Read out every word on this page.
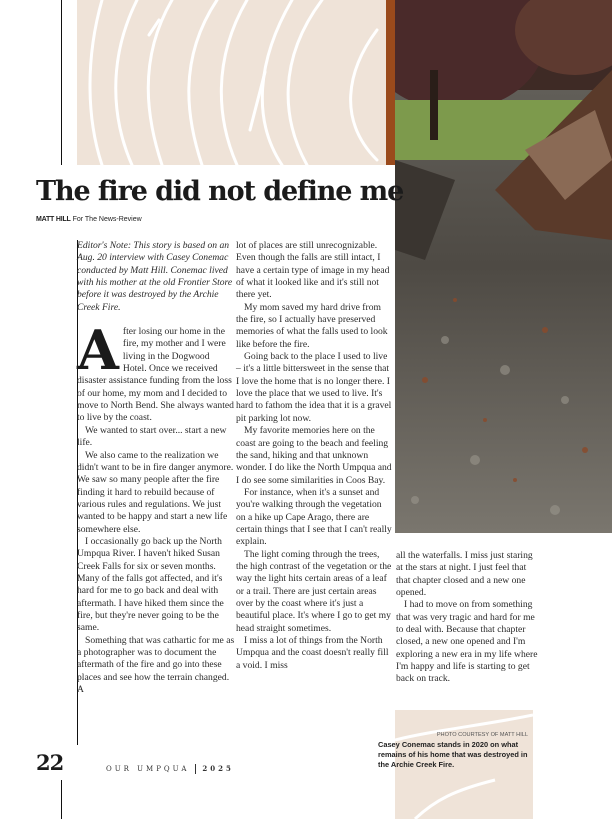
The fire did not define me
MATT HILL For The News-Review

Editor's Note: This story is based on an Aug. 20 interview with Casey Conemac conducted by Matt Hill. Conemac lived with his mother at the old Frontier Store before it was destroyed by the Archie Creek Fire.

After losing our home in the fire, my mother and I were living in the Dogwood Hotel. Once we received disaster assistance funding from the loss of our home, my mom and I decided to move to North Bend. She always wanted to live by the coast.

We wanted to start over... start a new life.

We also came to the realization we didn't want to be in fire danger anymore. We saw so many people after the fire finding it hard to rebuild because of various rules and regulations. We just wanted to be happy and start a new life somewhere else.

I occasionally go back up the North Umpqua River. I haven't hiked Susan Creek Falls for six or seven months. Many of the falls got affected, and it's hard for me to go back and deal with aftermath. I have hiked them since the fire, but they're never going to be the same.

Something that was cathartic for me as a photographer was to document the aftermath of the fire and go into these places and see how the terrain changed. A

lot of places are still unrecognizable. Even though the falls are still intact, I have a certain type of image in my head of what it looked like and it's still not there yet.

My mom saved my hard drive from the fire, so I actually have preserved memories of what the falls used to look like before the fire.

Going back to the place I used to live – it's a little bittersweet in the sense that I love the home that is no longer there. I love the place that we used to live. It's hard to fathom the idea that it is a gravel pit parking lot now.

My favorite memories here on the coast are going to the beach and feeling the sand, hiking and that unknown wonder. I do like the North Umpqua and I do see some similarities in Coos Bay.

For instance, when it's a sunset and you're walking through the vegetation on a hike up Cape Arago, there are certain things that I see that I can't really explain.

The light coming through the trees, the high contrast of the vegetation or the way the light hits certain areas of a leaf or a trail. There are just certain areas over by the coast where it's just a beautiful place. It's where I go to get my head straight sometimes.

I miss a lot of things from the North Umpqua and the coast doesn't really fill a void. I miss

all the waterfalls. I miss just staring at the stars at night. I just feel that that chapter closed and a new one opened.

I had to move on from something that was very tragic and hard for me to deal with. Because that chapter closed, a new one opened and I'm exploring a new era in my life where I'm happy and life is starting to get back on track.

PHOTO COURTESY OF MATT HILL
Casey Conemac stands in 2020 on what remains of his home that was destroyed in the Archie Creek Fire.
22	OUR UMPQUA 2025
